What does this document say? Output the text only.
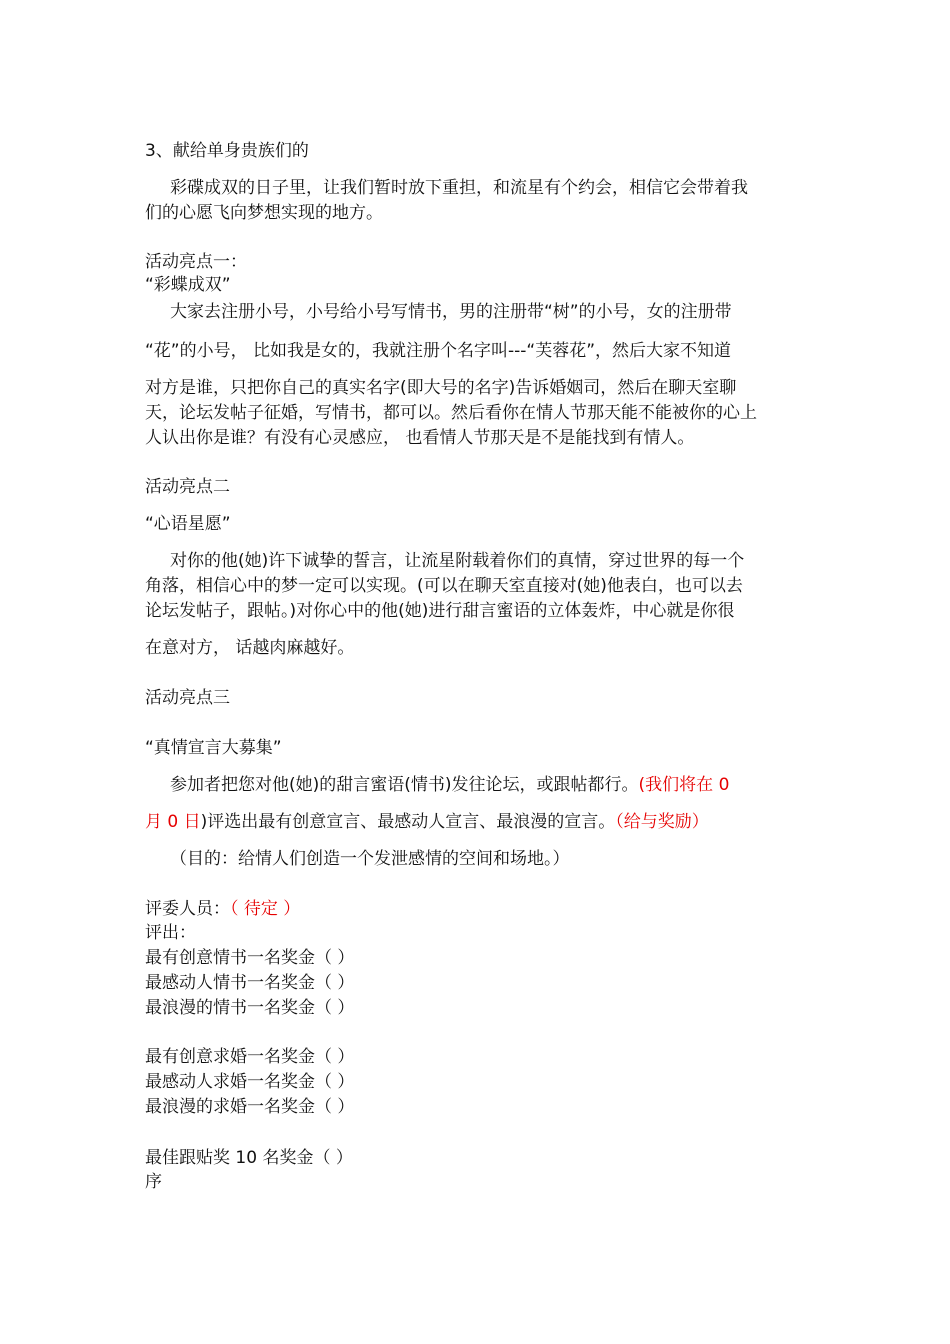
3、献给单身贵族们的
彩碟成双的日子里，让我们暂时放下重担，和流星有个约会，相信它会带着我
们的心愿飞向梦想实现的地方。
活动亮点一：
“彩蝶成双”
大家去注册小号，小号给小号写情书，男的注册带“树”的小号，女的注册带
“花”的小号， 比如我是女的，我就注册个名字叫---“芙蓉花”，然后大家不知道
对方是谁，只把你自己的真实名字(即大号的名字)告诉婚姻司，然后在聊天室聊
天，论坛发帖子征婚，写情书，都可以。然后看你在情人节那天能不能被你的心上
人认出你是谁？有没有心灵感应， 也看情人节那天是不是能找到有情人。
活动亮点二
“心语星愿”
对你的他(她)许下诚挚的誓言，让流星附载着你们的真情，穿过世界的每一个
角落，相信心中的梦一定可以实现。(可以在聊天室直接对(她)他表白，也可以去
论坛发帖子，跟帖。)对你心中的他(她)进行甜言蜜语的立体轰炸，中心就是你很
在意对方， 话越肉麻越好。
活动亮点三
“真情宣言大募集”
参加者把您对他(她)的甜言蜜语(情书)发往论坛，或跟帖都行。(我们将在 0
月 0 日)评选出最有创意宣言、最感动人宣言、最浪漫的宣言。（给与奖励）
（目的：给情人们创造一个发泄感情的空间和场地。）
评委人员：（ 待定 ）
评出：
最有创意情书一名奖金（ ）
最感动人情书一名奖金（ ）
最浪漫的情书一名奖金（ ）
最有创意求婚一名奖金（ ）
最感动人求婚一名奖金（ ）
最浪漫的求婚一名奖金（ ）
最佳跟贴奖 10 名奖金（ ）
序
